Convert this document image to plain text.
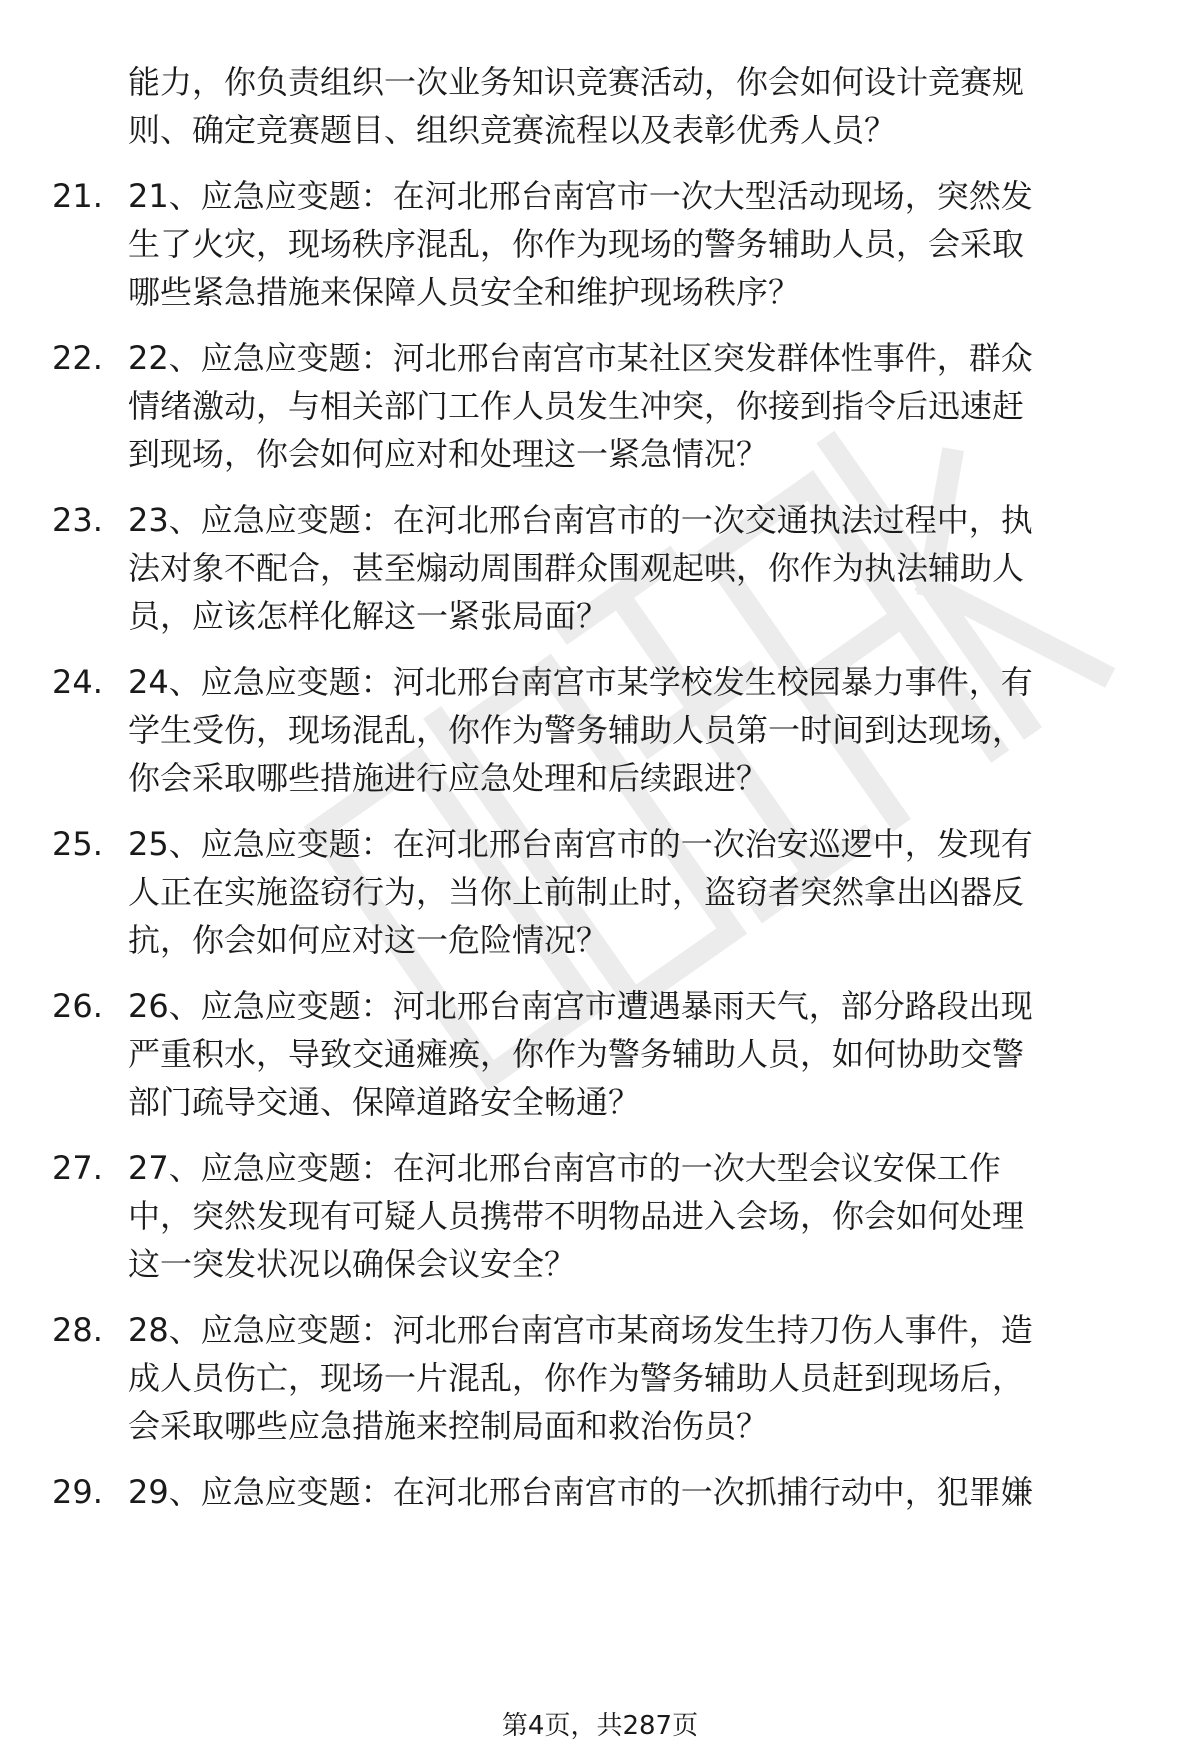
能力，你负责组织一次业务知识竞赛活动，你会如何设计竞赛规
则、确定竞赛题目、组织竞赛流程以及表彰优秀人员？
21. 21、应急应变题：在河北邢台南宫市一次大型活动现场，突然发
生了火灾，现场秩序混乱，你作为现场的警务辅助人员，会采取
哪些紧急措施来保障人员安全和维护现场秩序？
22. 22、应急应变题：河北邢台南宫市某社区突发群体性事件，群众
情绪激动，与相关部门工作人员发生冲突，你接到指令后迅速赶
到现场，你会如何应对和处理这一紧急情况？
23. 23、应急应变题：在河北邢台南宫市的一次交通执法过程中，执
法对象不配合，甚至煽动周围群众围观起哄，你作为执法辅助人
员，应该怎样化解这一紧张局面？
24. 24、应急应变题：河北邢台南宫市某学校发生校园暴力事件，有
学生受伤，现场混乱，你作为警务辅助人员第一时间到达现场，
你会采取哪些措施进行应急处理和后续跟进？
25. 25、应急应变题：在河北邢台南宫市的一次治安巡逻中，发现有
人正在实施盗窃行为，当你上前制止时，盗窃者突然拿出凶器反
抗，你会如何应对这一危险情况？
26. 26、应急应变题：河北邢台南宫市遭遇暴雨天气，部分路段出现
严重积水，导致交通瘫痪，你作为警务辅助人员，如何协助交警
部门疏导交通、保障道路安全畅通？
27. 27、应急应变题：在河北邢台南宫市的一次大型会议安保工作
中，突然发现有可疑人员携带不明物品进入会场，你会如何处理
这一突发状况以确保会议安全？
28. 28、应急应变题：河北邢台南宫市某商场发生持刀伤人事件，造
成人员伤亡，现场一片混乱，你作为警务辅助人员赶到现场后，
会采取哪些应急措施来控制局面和救治伤员？
29. 29、应急应变题：在河北邢台南宫市的一次抓捕行动中，犯罪嫌
第4页，共287页
